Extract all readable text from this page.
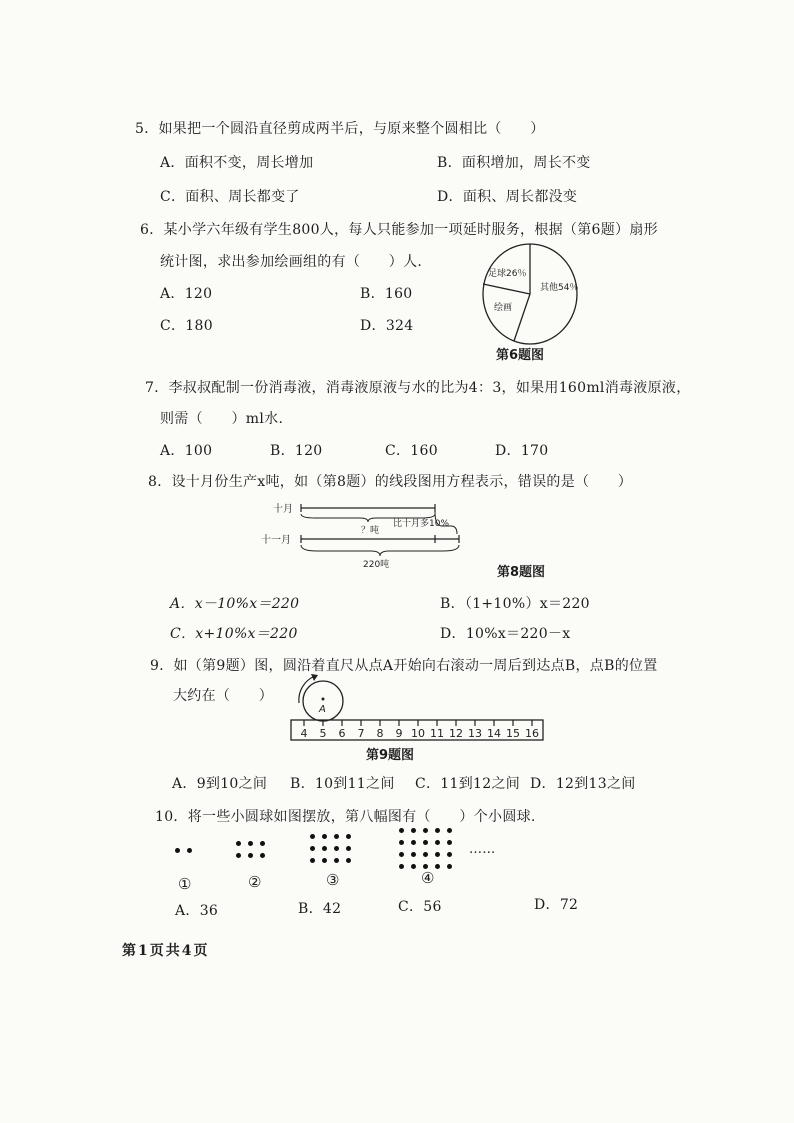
5．如果把一个圆沿直径剪成两半后，与原来整个圆相比（　　）
A．面积不变，周长增加	B．面积增加，周长不变
C．面积、周长都变了	D．面积、周长都没变
6．某小学六年级有学生800人，每人只能参加一项延时服务，根据（第6题）扇形
统计图，求出参加绘画组的有（　　）人.
A．120	B．160
C．180	D．324
足球26％
其他54％
绘画
第6题图
7．李叔叔配制一份消毒液，消毒液原液与水的比为4：3，如果用160ml消毒液原液，
则需（　　）ml水.
A．100	B．120	C．160	D．170
8．设十月份生产x吨，如（第8题）的线段图用方程表示，错误的是（　　）
十月
？吨
比十月多10%
十一月
220吨	第8题图
A．x－10%x＝220	B．（1+10%）x＝220
C．x+10%x＝220	D．10%x＝220－x
9．如（第9题）图，圆沿着直尺从点A开始向右滚动一周后到达点B，点B的位置
大约在（　　）
A
4 5 6 7 8 9 10 11 12 13 14 15 16
第9题图
A．9到10之间 B．10到11之间 C．11到12之间 D．12到13之间
10．将一些小圆球如图摆放，第八幅图有（　　）个小圆球.
……
①	②	③	④
A．36	B．42	C．56	D．72
第1页共4页
